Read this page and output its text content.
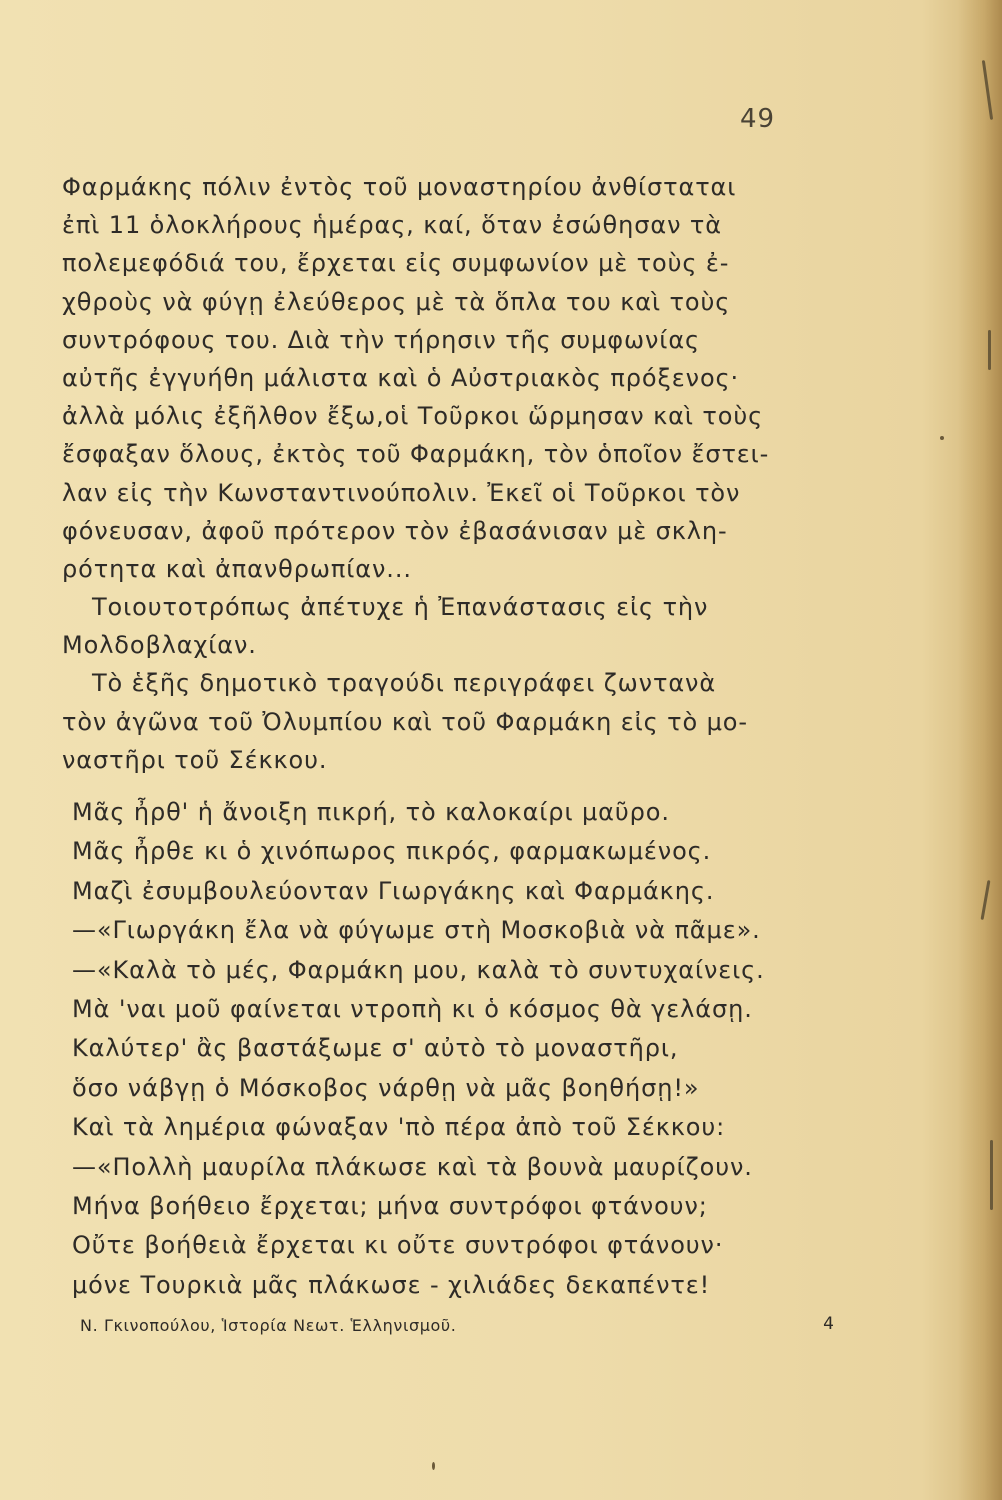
49
Φαρμάκης πόλιν ἐντὸς τοῦ μοναστηρίου ἀνθίσταται
ἐπὶ 11 ὁλοκλήρους ἡμέρας, καί, ὅταν ἐσώθησαν τὰ
πολεμεφόδιά του, ἔρχεται εἰς συμφωνίον μὲ τοὺς ἐ-
χθροὺς νὰ φύγῃ ἐλεύθερος μὲ τὰ ὅπλα του καὶ τοὺς
συντρόφους του. Διὰ τὴν τήρησιν τῆς συμφωνίας
αὐτῆς ἐγγυήθη μάλιστα καὶ ὁ Αὐστριακὸς πρόξενος·
ἀλλὰ μόλις ἐξῆλθον ἔξω,οἱ Τοῦρκοι ὥρμησαν καὶ τοὺς
ἔσφαξαν ὅλους, ἐκτὸς τοῦ Φαρμάκη, τὸν ὁποῖον ἔστει-
λαν εἰς τὴν Κωνσταντινούπολιν. Ἐκεῖ οἱ Τοῦρκοι τὸν
φόνευσαν, ἀφοῦ πρότερον τὸν ἐβασάνισαν μὲ σκλη-
ρότητα καὶ ἀπανθρωπίαν...
Τοιουτοτρόπως ἀπέτυχε ἡ Ἐπανάστασις εἰς τὴν
Μολδοβλαχίαν.
Τὸ ἑξῆς δημοτικὸ τραγούδι περιγράφει ζωντανὰ
τὸν ἀγῶνα τοῦ Ὀλυμπίου καὶ τοῦ Φαρμάκη εἰς τὸ μο-
ναστῆρι τοῦ Σέκκου.
Μᾶς ἦρθ' ἡ ἄνοιξη πικρή, τὸ καλοκαίρι μαῦρο.
Μᾶς ἦρθε κι ὁ χινόπωρος πικρός, φαρμακωμένος.
Μαζὶ ἐσυμβουλεύονταν Γιωργάκης καὶ Φαρμάκης.
—«Γιωργάκη ἔλα νὰ φύγωμε στὴ Μοσκοβιὰ νὰ πᾶμε».
—«Καλὰ τὸ μές, Φαρμάκη μου, καλὰ τὸ συντυχαίνεις.
Μὰ 'ναι μοῦ φαίνεται ντροπὴ κι ὁ κόσμος θὰ γελάσῃ.
Καλύτερ' ἂς βαστάξωμε σ' αὐτὸ τὸ μοναστῆρι,
ὅσο νάβγῃ ὁ Μόσκοβος νάρθῃ νὰ μᾶς βοηθήσῃ!»
Καὶ τὰ λημέρια φώναξαν 'πὸ πέρα ἀπὸ τοῦ Σέκκου:
—«Πολλὴ μαυρίλα πλάκωσε καὶ τὰ βουνὰ μαυρίζουν.
Μήνα βοήθειο ἔρχεται; μήνα συντρόφοι φτάνουν;
Οὔτε βοήθειὰ ἔρχεται κι οὔτε συντρόφοι φτάνουν·
μόνε Τουρκιὰ μᾶς πλάκωσε - χιλιάδες δεκαπέντε!
Ν. Γκινοπούλου, Ἱστορία Νεωτ. Ἑλληνισμοῦ.	4
